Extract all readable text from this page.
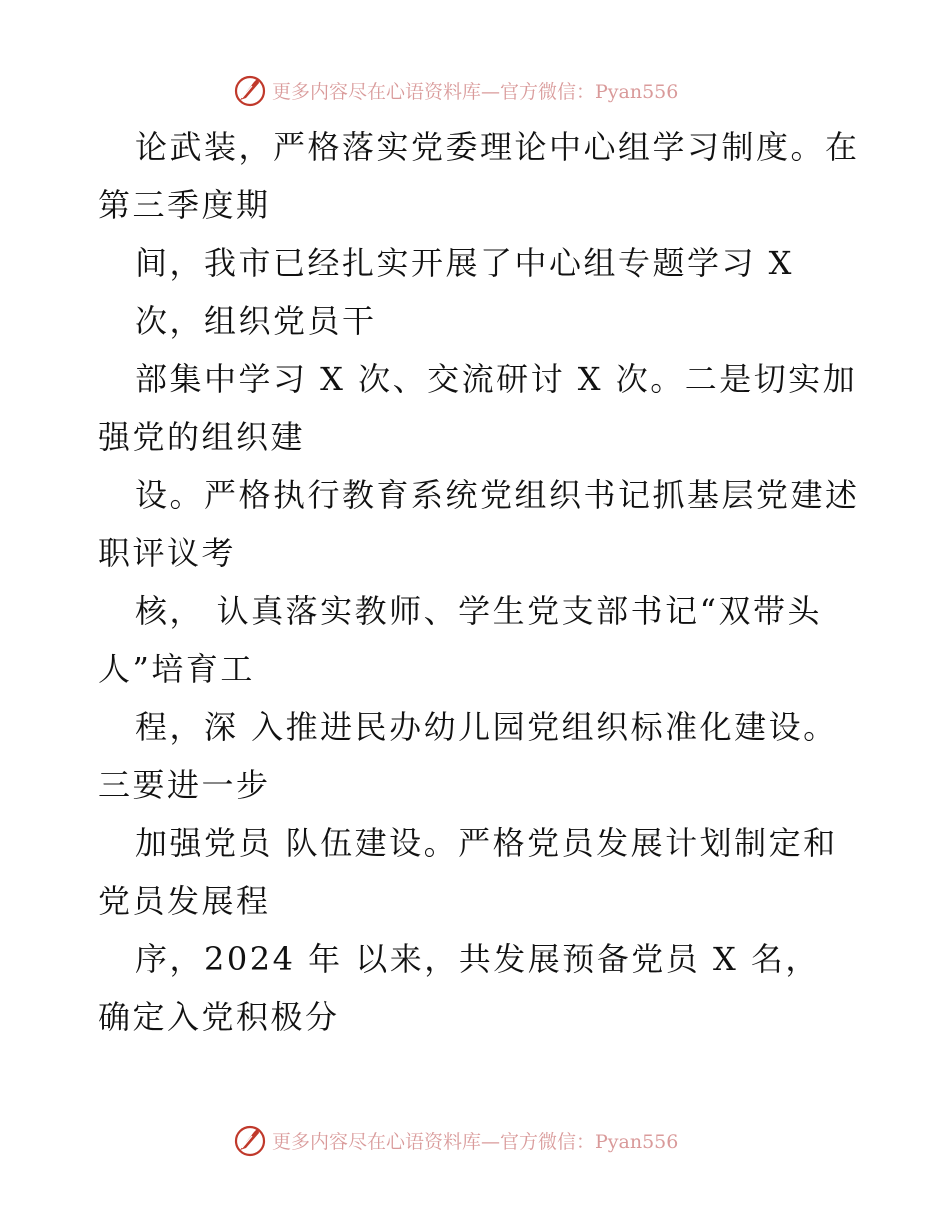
更多内容尽在心语资料库—官方微信：Pyan556
论武装，严格落实党委理论中心组学习制度。在
第三季度期
间，我市已经扎实开展了中心组专题学习 X
次，组织党员干
部集中学习 X 次、交流研讨 X 次。二是切实加
强党的组织建
设。严格执行教育系统党组织书记抓基层党建述
职评议考
核， 认真落实教师、学生党支部书记“双带头
人”培育工
程，深 入推进民办幼儿园党组织标准化建设。
三要进一步
加强党员 队伍建设。严格党员发展计划制定和
党员发展程
序，2024 年 以来，共发展预备党员 X 名，
确定入党积极分
更多内容尽在心语资料库—官方微信：Pyan556
